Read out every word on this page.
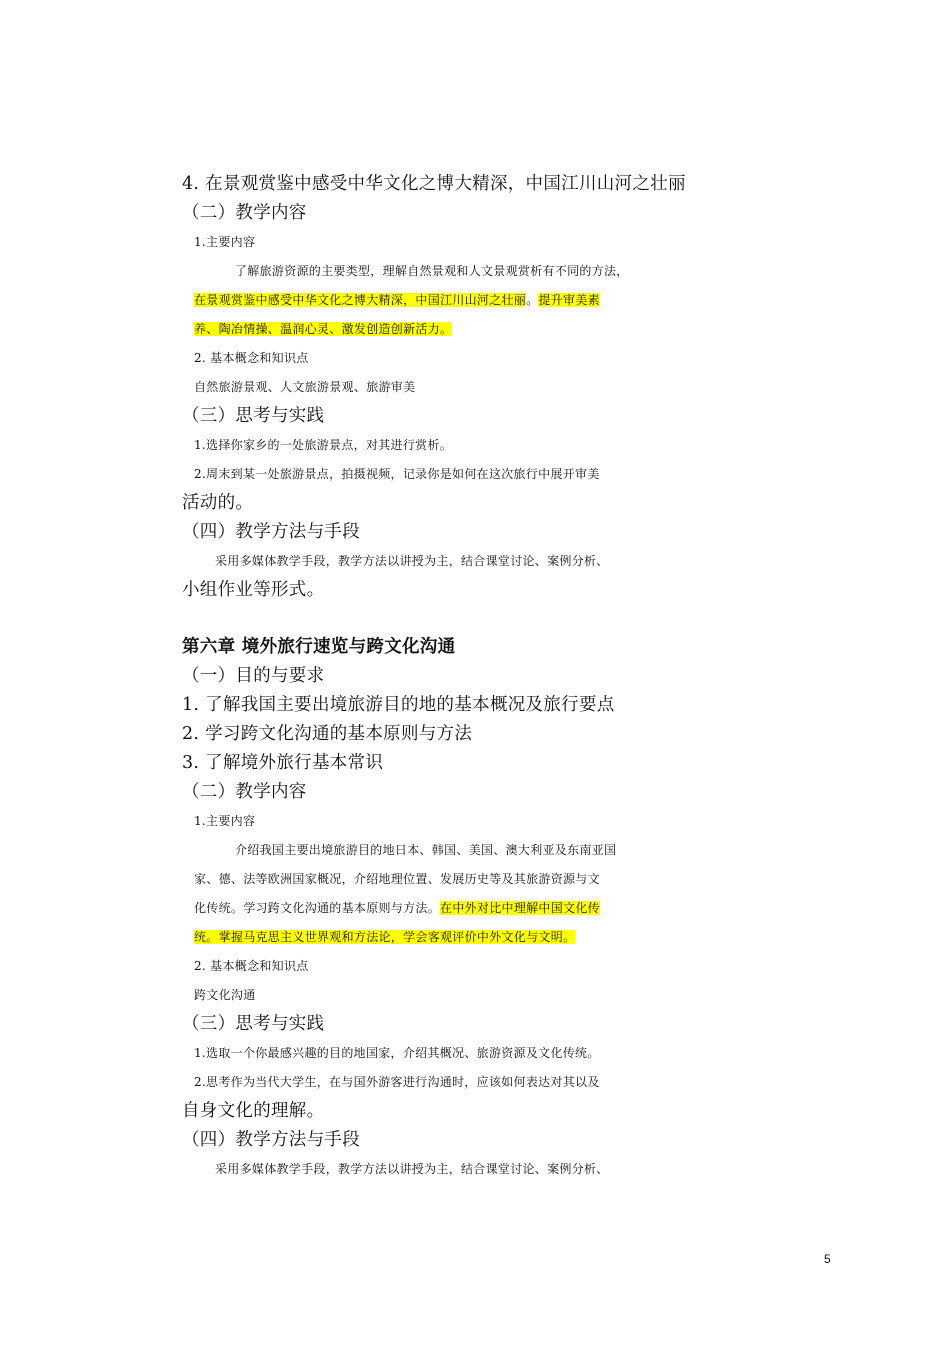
4. 在景观赏鉴中感受中华文化之博大精深，中国江川山河之壮丽
（二）教学内容
1.主要内容
了解旅游资源的主要类型，理解自然景观和人文景观赏析有不同的方法，
在景观赏鉴中感受中华文化之博大精深，中国江川山河之壮丽。提升审美素
养、陶冶情操、温润心灵、激发创造创新活力。
2. 基本概念和知识点
自然旅游景观、人文旅游景观、旅游审美
（三）思考与实践
1.选择你家乡的一处旅游景点，对其进行赏析。
2.周末到某一处旅游景点，拍摄视频，记录你是如何在这次旅行中展开审美
活动的。
（四）教学方法与手段
采用多媒体教学手段，教学方法以讲授为主，结合课堂讨论、案例分析、
小组作业等形式。
第六章 境外旅行速览与跨文化沟通
（一）目的与要求
1. 了解我国主要出境旅游目的地的基本概况及旅行要点
2. 学习跨文化沟通的基本原则与方法
3. 了解境外旅行基本常识
（二）教学内容
1.主要内容
介绍我国主要出境旅游目的地日本、韩国、美国、澳大利亚及东南亚国
家、德、法等欧洲国家概况，介绍地理位置、发展历史等及其旅游资源与文
化传统。学习跨文化沟通的基本原则与方法。在中外对比中理解中国文化传
统。掌握马克思主义世界观和方法论，学会客观评价中外文化与文明。
2. 基本概念和知识点
跨文化沟通
（三）思考与实践
1.选取一个你最感兴趣的目的地国家，介绍其概况、旅游资源及文化传统。
2.思考作为当代大学生，在与国外游客进行沟通时，应该如何表达对其以及
自身文化的理解。
（四）教学方法与手段
采用多媒体教学手段，教学方法以讲授为主，结合课堂讨论、案例分析、
5
